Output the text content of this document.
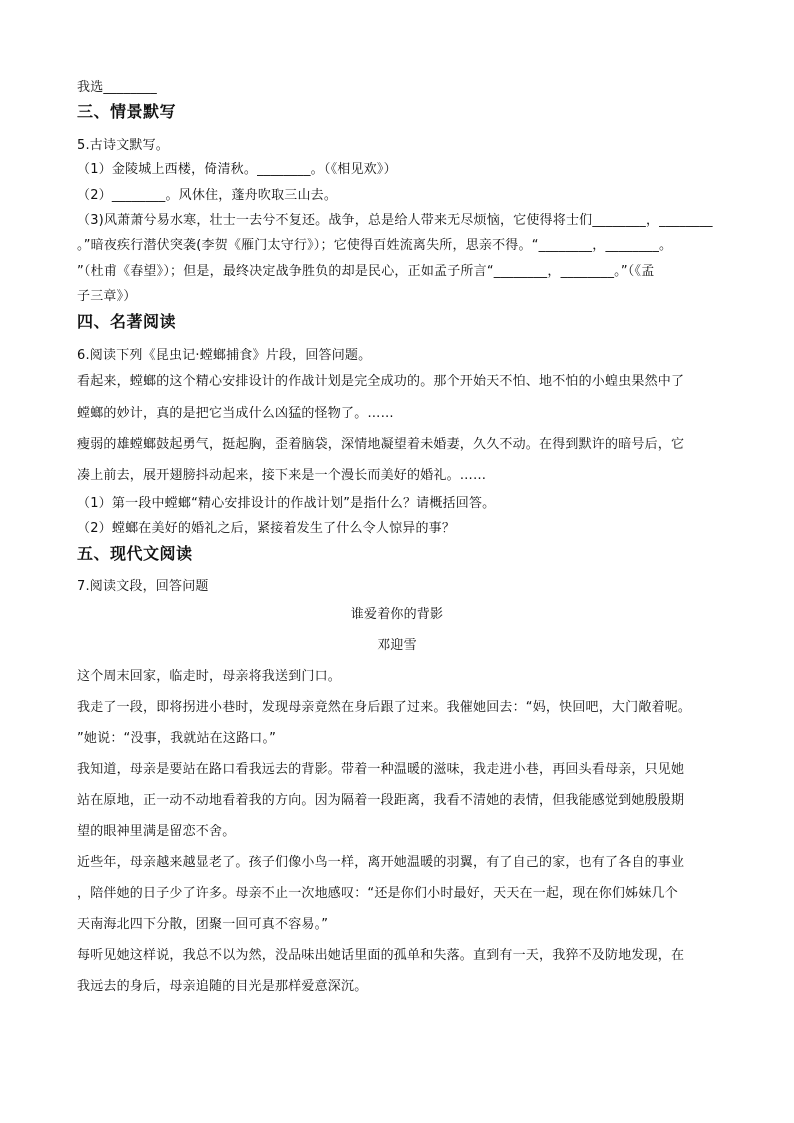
我选________
三、情景默写
5.古诗文默写。
（1）金陵城上西楼，倚清秋。________。（《相见欢》）
（2）________。风休住，蓬舟吹取三山去。
（3)风萧萧兮易水寒，壮士一去兮不复还。战争，总是给人带来无尽烦恼，它使得将士们________，________
。”暗夜疾行潜伏突袭(李贺《雁门太守行》）；它使得百姓流离失所，思亲不得。“________，________。
”（杜甫《春望》）；但是，最终决定战争胜负的却是民心，正如孟子所言“________，________。”（《孟
子三章》）
四、名著阅读
6.阅读下列《昆虫记·螳螂捕食》片段，回答问题。
看起来，螳螂的这个精心安排设计的作战计划是完全成功的。那个开始天不怕、地不怕的小蝗虫果然中了
螳螂的妙计，真的是把它当成什么凶猛的怪物了。……
瘦弱的雄螳螂鼓起勇气，挺起胸，歪着脑袋，深情地凝望着未婚妻，久久不动。在得到默许的暗号后，它
凑上前去，展开翅膀抖动起来，接下来是一个漫长而美好的婚礼。……
（1）第一段中螳螂“精心安排设计的作战计划”是指什么？请概括回答。
（2）螳螂在美好的婚礼之后，紧接着发生了什么令人惊异的事？
五、现代文阅读
7.阅读文段，回答问题
谁爱着你的背影
邓迎雪
这个周末回家，临走时，母亲将我送到门口。
我走了一段，即将拐进小巷时，发现母亲竟然在身后跟了过来。我催她回去：“妈，快回吧，大门敞着呢。
”她说：“没事，我就站在这路口。”
我知道，母亲是要站在路口看我远去的背影。带着一种温暖的滋味，我走进小巷，再回头看母亲，只见她
站在原地，正一动不动地看着我的方向。因为隔着一段距离，我看不清她的表情，但我能感觉到她殷殷期
望的眼神里满是留恋不舍。
近些年，母亲越来越显老了。孩子们像小鸟一样，离开她温暖的羽翼，有了自己的家，也有了各自的事业
，陪伴她的日子少了许多。母亲不止一次地感叹：“还是你们小时最好，天天在一起，现在你们姊妹几个
天南海北四下分散，团聚一回可真不容易。”
每听见她这样说，我总不以为然，没品味出她话里面的孤单和失落。直到有一天，我猝不及防地发现，在
我远去的身后，母亲追随的目光是那样爱意深沉。
